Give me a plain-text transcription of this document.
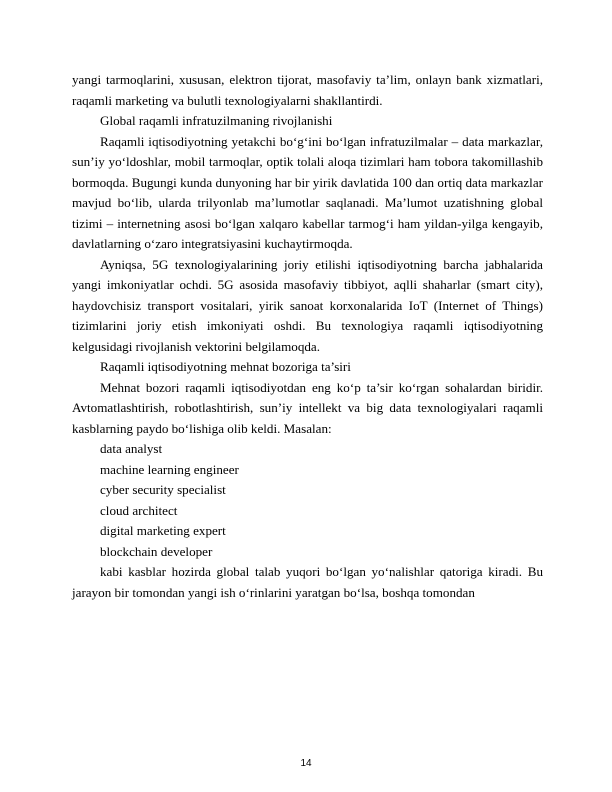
yangi tarmoqlarini, xususan, elektron tijorat, masofaviy ta’lim, onlayn bank xizmatlari, raqamli marketing va bulutli texnologiyalarni shakllantirdi.

Global raqamli infratuzilmaning rivojlanishi

Raqamli iqtisodiyotning yetakchi bo‘g‘ini bo‘lgan infratuzilmalar – data markazlar, sun’iy yo‘ldoshlar, mobil tarmoqlar, optik tolali aloqa tizimlari ham tobora takomillashib bormoqda. Bugungi kunda dunyoning har bir yirik davlatida 100 dan ortiq data markazlar mavjud bo‘lib, ularda trilyonlab ma’lumotlar saqlanadi. Ma’lumot uzatishning global tizimi – internetning asosi bo‘lgan xalqaro kabellar tarmog‘i ham yildan-yilga kengayib, davlatlarning o‘zaro integratsiyasini kuchaytirmoqda.

Ayniqsa, 5G texnologiyalarining joriy etilishi iqtisodiyotning barcha jabhalarida yangi imkoniyatlar ochdi. 5G asosida masofaviy tibbiyot, aqlli shaharlar (smart city), haydovchisiz transport vositalari, yirik sanoat korxonalarida IoT (Internet of Things) tizimlarini joriy etish imkoniyati oshdi. Bu texnologiya raqamli iqtisodiyotning kelgusidagi rivojlanish vektorini belgilamoqda.

Raqamli iqtisodiyotning mehnat bozoriga ta’siri

Mehnat bozori raqamli iqtisodiyotdan eng ko‘p ta’sir ko‘rgan sohalardan biridir. Avtomatlashtirish, robotlashtirish, sun’iy intellekt va big data texnologiyalari raqamli kasblarning paydo bo‘lishiga olib keldi. Masalan:

data analyst

machine learning engineer

cyber security specialist

cloud architect

digital marketing expert

blockchain developer

kabi kasblar hozirda global talab yuqori bo‘lgan yo‘nalishlar qatoriga kiradi. Bu jarayon bir tomondan yangi ish o‘rinlarini yaratgan bo‘lsa, boshqa tomondan

14
